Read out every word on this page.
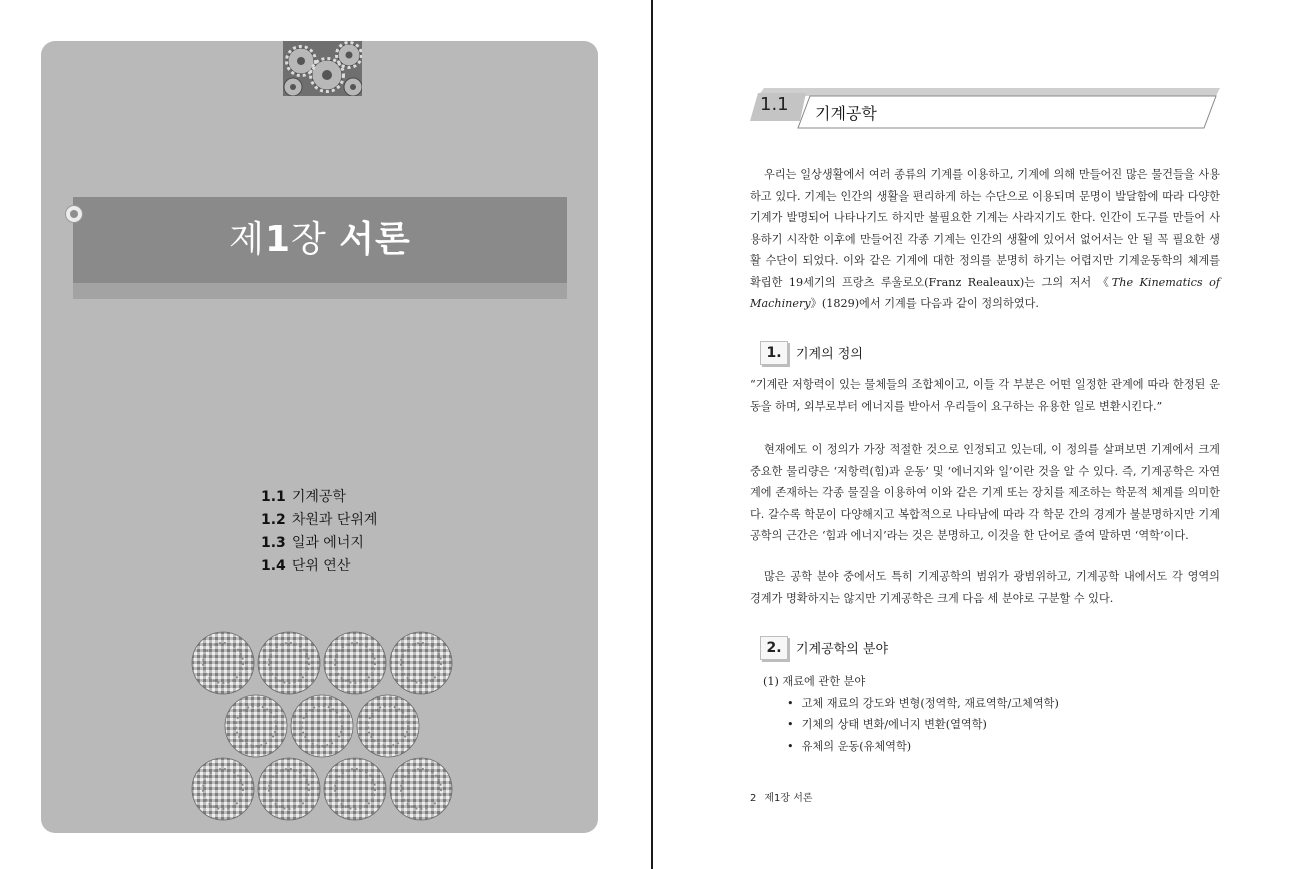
제1장 서론
1.1 기계공학
1.2 차원과 단위계
1.3 일과 에너지
1.4 단위 연산
1.1 기계공학
우리는 일상생활에서 여러 종류의 기계를 이용하고, 기계에 의해 만들어진 많은 물건들을 사용하고 있다. 기계는 인간의 생활을 편리하게 하는 수단으로 이용되며 문명이 발달함에 따라 다양한 기계가 발명되어 나타나기도 하지만 불필요한 기계는 사라지기도 한다. 인간이 도구를 만들어 사용하기 시작한 이후에 만들어진 각종 기계는 인간의 생활에 있어서 없어서는 안 될 꼭 필요한 생활 수단이 되었다. 이와 같은 기계에 대한 정의를 분명히 하기는 어렵지만 기계운동학의 체계를 확립한 19세기의 프랑츠 루울로오(Franz Realeaux)는 그의 저서 《The Kinematics of Machinery》(1829)에서 기계를 다음과 같이 정의하였다.
1.	기계의 정의
“기계란 저항력이 있는 물체들의 조합체이고, 이들 각 부분은 어떤 일정한 관계에 따라 한정된 운동을 하며, 외부로부터 에너지를 받아서 우리들이 요구하는 유용한 일로 변환시킨다.”
현재에도 이 정의가 가장 적절한 것으로 인정되고 있는데, 이 정의를 살펴보면 기계에서 크게 중요한 물리량은 ‘저항력(힘)과 운동’ 및 ‘에너지와 일’이란 것을 알 수 있다. 즉, 기계공학은 자연계에 존재하는 각종 물질을 이용하여 이와 같은 기계 또는 장치를 제조하는 학문적 체계를 의미한다. 갈수록 학문이 다양해지고 복합적으로 나타남에 따라 각 학문 간의 경계가 불분명하지만 기계공학의 근간은 ‘힘과 에너지’라는 것은 분명하고, 이것을 한 단어로 줄여 말하면 ‘역학’이다.
많은 공학 분야 중에서도 특히 기계공학의 범위가 광범위하고, 기계공학 내에서도 각 영역의 경계가 명확하지는 않지만 기계공학은 크게 다음 세 분야로 구분할 수 있다.
2.	기계공학의 분야
(1) 재료에 관한 분야
• 고체 재료의 강도와 변형(정역학, 재료역학/고체역학)
• 기체의 상태 변화/에너지 변환(열역학)
• 유체의 운동(유체역학)
2 제1장 서론
